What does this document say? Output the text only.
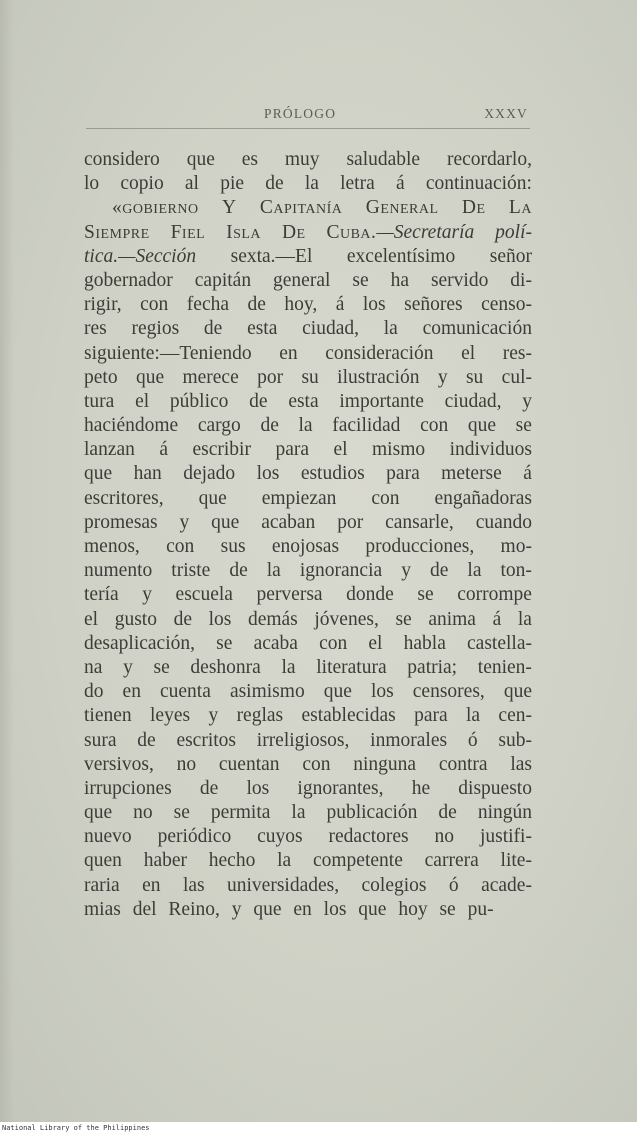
PRÓLOGO	XXXV
considero que es muy saludable recordarlo,
lo copio al pie de la letra á continuación:
«gobierno Y Capitanía General De La
Siempre Fiel Isla De Cuba.—Secretaría polí-
tica.—Sección sexta.—El excelentísimo señor
gobernador capitán general se ha servido di-
rigir, con fecha de hoy, á los señores censo-
res regios de esta ciudad, la comunicación
siguiente:—Teniendo en consideración el res-
peto que merece por su ilustración y su cul-
tura el público de esta importante ciudad, y
haciéndome cargo de la facilidad con que se
lanzan á escribir para el mismo individuos
que han dejado los estudios para meterse á
escritores, que empiezan con engañadoras
promesas y que acaban por cansarle, cuando
menos, con sus enojosas producciones, mo-
numento triste de la ignorancia y de la ton-
tería y escuela perversa donde se corrompe
el gusto de los demás jóvenes, se anima á la
desaplicación, se acaba con el habla castella-
na y se deshonra la literatura patria; tenien-
do en cuenta asimismo que los censores, que
tienen leyes y reglas establecidas para la cen-
sura de escritos irreligiosos, inmorales ó sub-
versivos, no cuentan con ninguna contra las
irrupciones de los ignorantes, he dispuesto
que no se permita la publicación de ningún
nuevo periódico cuyos redactores no justifi-
quen haber hecho la competente carrera lite-
raria en las universidades, colegios ó acade-
mias del Reino, y que en los que hoy se pu-
National Library of the Philippines
